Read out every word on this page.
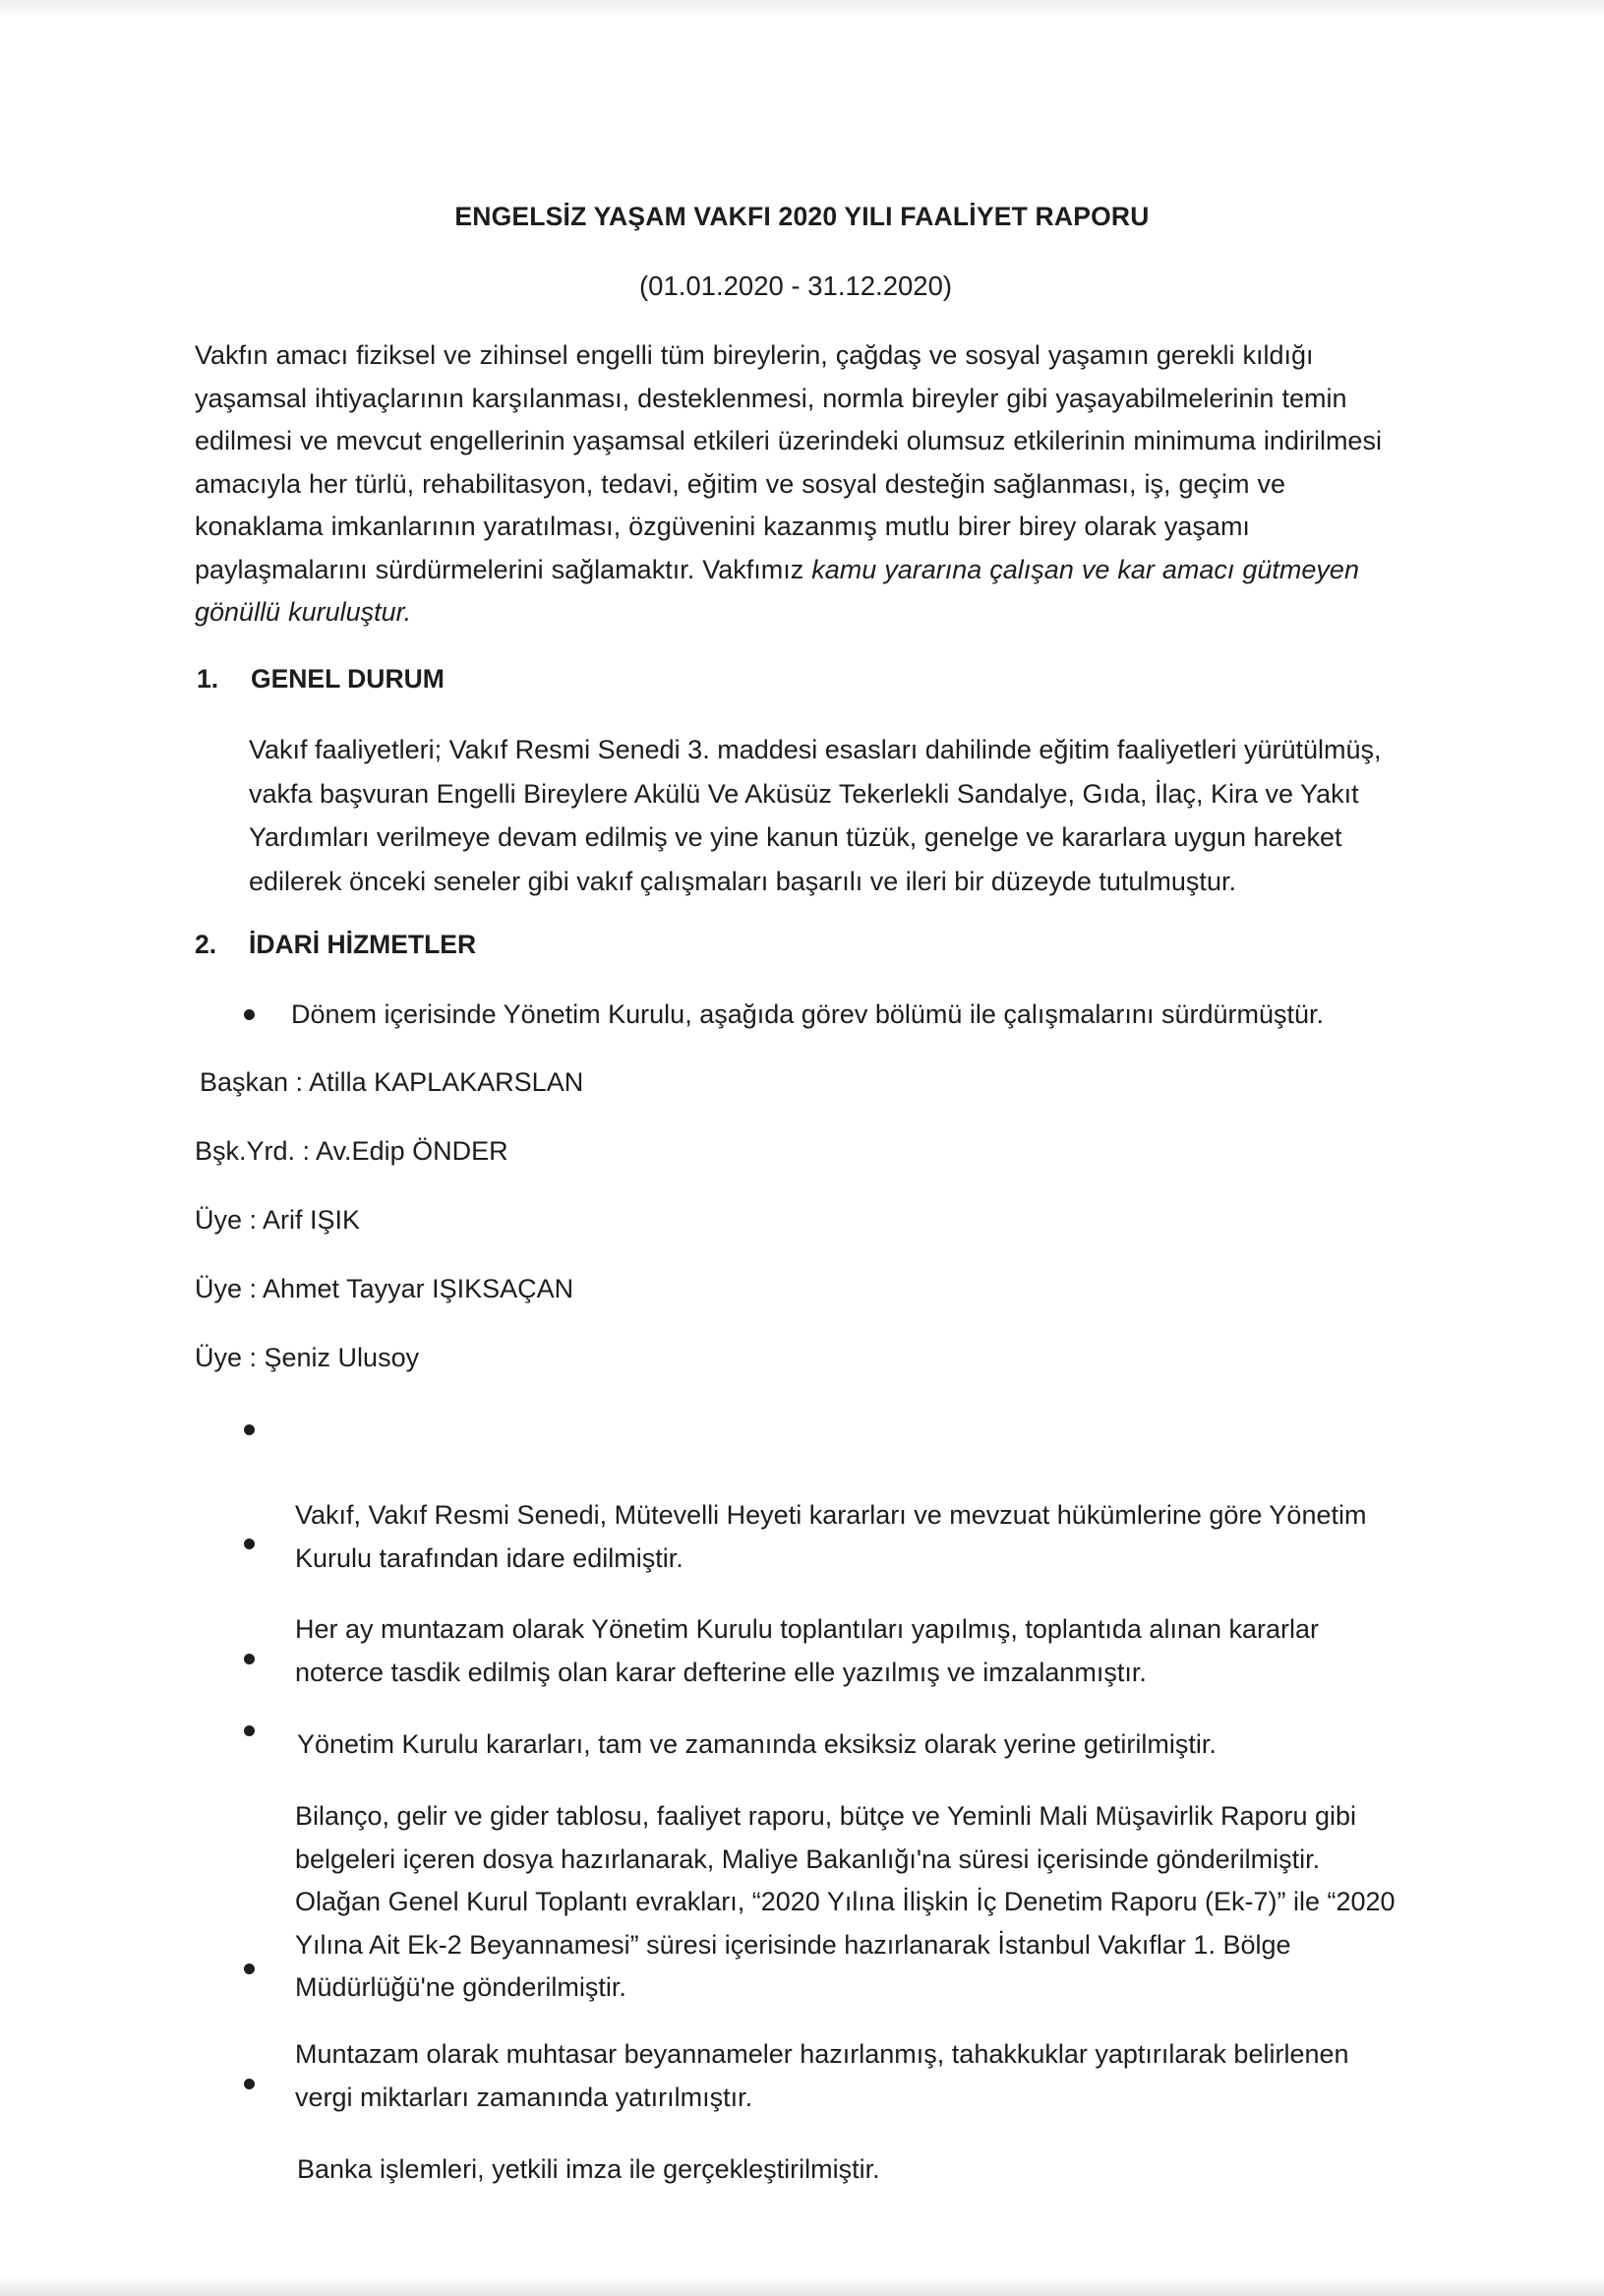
ENGELSİZ YAŞAM VAKFI 2020 YILI FAALİYET RAPORU
(01.01.2020 - 31.12.2020)
Vakfın amacı fiziksel ve zihinsel engelli tüm bireylerin, çağdaş ve sosyal yaşamın gerekli kıldığı yaşamsal ihtiyaçlarının karşılanması, desteklenmesi, normla bireyler gibi yaşayabilmelerinin temin edilmesi ve mevcut engellerinin yaşamsal etkileri üzerindeki olumsuz etkilerinin minimuma indirilmesi amacıyla her türlü, rehabilitasyon, tedavi, eğitim ve sosyal desteğin sağlanması, iş, geçim ve konaklama imkanlarının yaratılması, özgüvenini kazanmış mutlu birer birey olarak yaşamı paylaşmalarını sürdürmelerini sağlamaktır. Vakfımız kamu yararına çalışan ve kar amacı gütmeyen gönüllü kuruluştur.
1. GENEL DURUM
Vakıf faaliyetleri; Vakıf Resmi Senedi 3. maddesi esasları dahilinde eğitim faaliyetleri yürütülmüş,
vakfa başvuran Engelli Bireylere Akülü Ve Aküsüz Tekerlekli Sandalye, Gıda, İlaç, Kira ve Yakıt
Yardımları verilmeye devam edilmiş ve yine kanun tüzük, genelge ve kararlara uygun hareket
edilerek önceki seneler gibi vakıf çalışmaları başarılı ve ileri bir düzeyde tutulmuştur.
2. İDARİ HİZMETLER
Dönem içerisinde Yönetim Kurulu, aşağıda görev bölümü ile çalışmalarını sürdürmüştür.
Başkan : Atilla KAPLAKARSLAN
Bşk.Yrd. : Av.Edip ÖNDER
Üye : Arif IŞIK
Üye : Ahmet Tayyar IŞIKSAÇAN
Üye : Şeniz Ulusoy

Vakıf, Vakıf Resmi Senedi, Mütevelli Heyeti kararları ve mevzuat hükümlerine göre Yönetim
Kurulu tarafından idare edilmiştir.

Her ay muntazam olarak Yönetim Kurulu toplantıları yapılmış, toplantıda alınan kararlar
noterce tasdik edilmiş olan karar defterine elle yazılmış ve imzalanmıştır.

Yönetim Kurulu kararları, tam ve zamanında eksiksiz olarak yerine getirilmiştir.

Bilanço, gelir ve gider tablosu, faaliyet raporu, bütçe ve Yeminli Mali Müşavirlik Raporu gibi
belgeleri içeren dosya hazırlanarak, Maliye Bakanlığı'na süresi içerisinde gönderilmiştir.
Olağan Genel Kurul Toplantı evrakları, “2020 Yılına İlişkin İç Denetim Raporu (Ek-7)” ile “2020
Yılına Ait Ek-2 Beyannamesi” süresi içerisinde hazırlanarak İstanbul Vakıflar 1. Bölge
Müdürlüğü'ne gönderilmiştir.

Muntazam olarak muhtasar beyannameler hazırlanmış, tahakkuklar yaptırılarak belirlenen
vergi miktarları zamanında yatırılmıştır.

Banka işlemleri, yetkili imza ile gerçekleştirilmiştir.
